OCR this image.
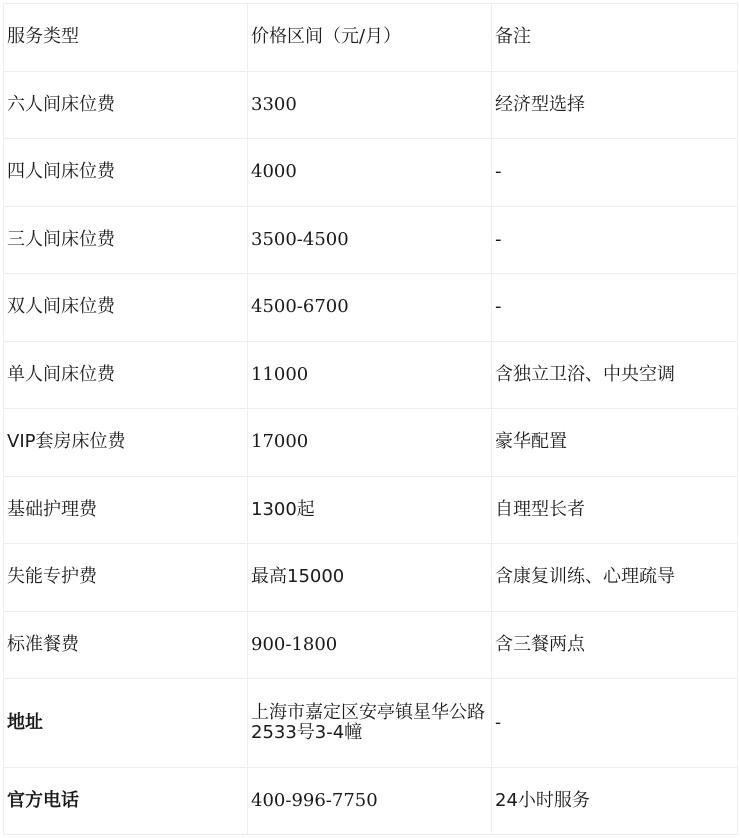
服务类型	价格区间（元/月）	备注
六人间床位费	3300	经济型选择
四人间床位费	4000	-
三人间床位费	3500-4500	-
双人间床位费	4500-6700	-
单人间床位费	11000	含独立卫浴、中央空调
VIP套房床位费	17000	豪华配置
基础护理费	1300起	自理型长者
失能专护费	最高15000	含康复训练、心理疏导
标准餐费	900-1800	含三餐两点
地址	上海市嘉定区安亭镇星华公路2533号3-4幢	-
官方电话	400-996-7750	24小时服务
